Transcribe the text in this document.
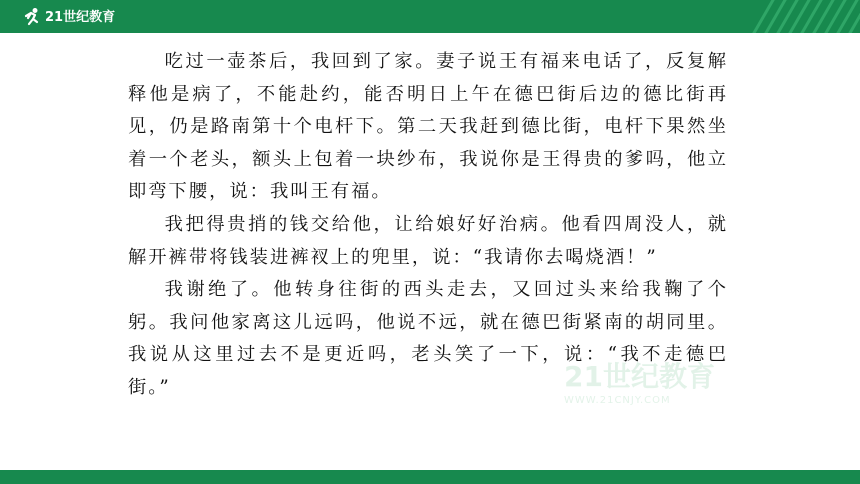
21世纪教育
21世纪教育
WWW.21CNJY.COM

吃过一壶茶后，我回到了家。妻子说王有福来电话了，反复解释他是病了，不能赴约，能否明日上午在德巴街后边的德比街再见，仍是路南第十个电杆下。第二天我赶到德比街，电杆下果然坐着一个老头，额头上包着一块纱布，我说你是王得贵的爹吗，他立即弯下腰，说：我叫王有福。

我把得贵捎的钱交给他，让给娘好好治病。他看四周没人，就解开裤带将钱装进裤衩上的兜里，说：“我请你去喝烧酒！”

我谢绝了。他转身往街的西头走去，又回过头来给我鞠了个躬。我问他家离这儿远吗，他说不远，就在德巴街紧南的胡同里。我说从这里过去不是更近吗，老头笑了一下，说：“我不走德巴街。”
